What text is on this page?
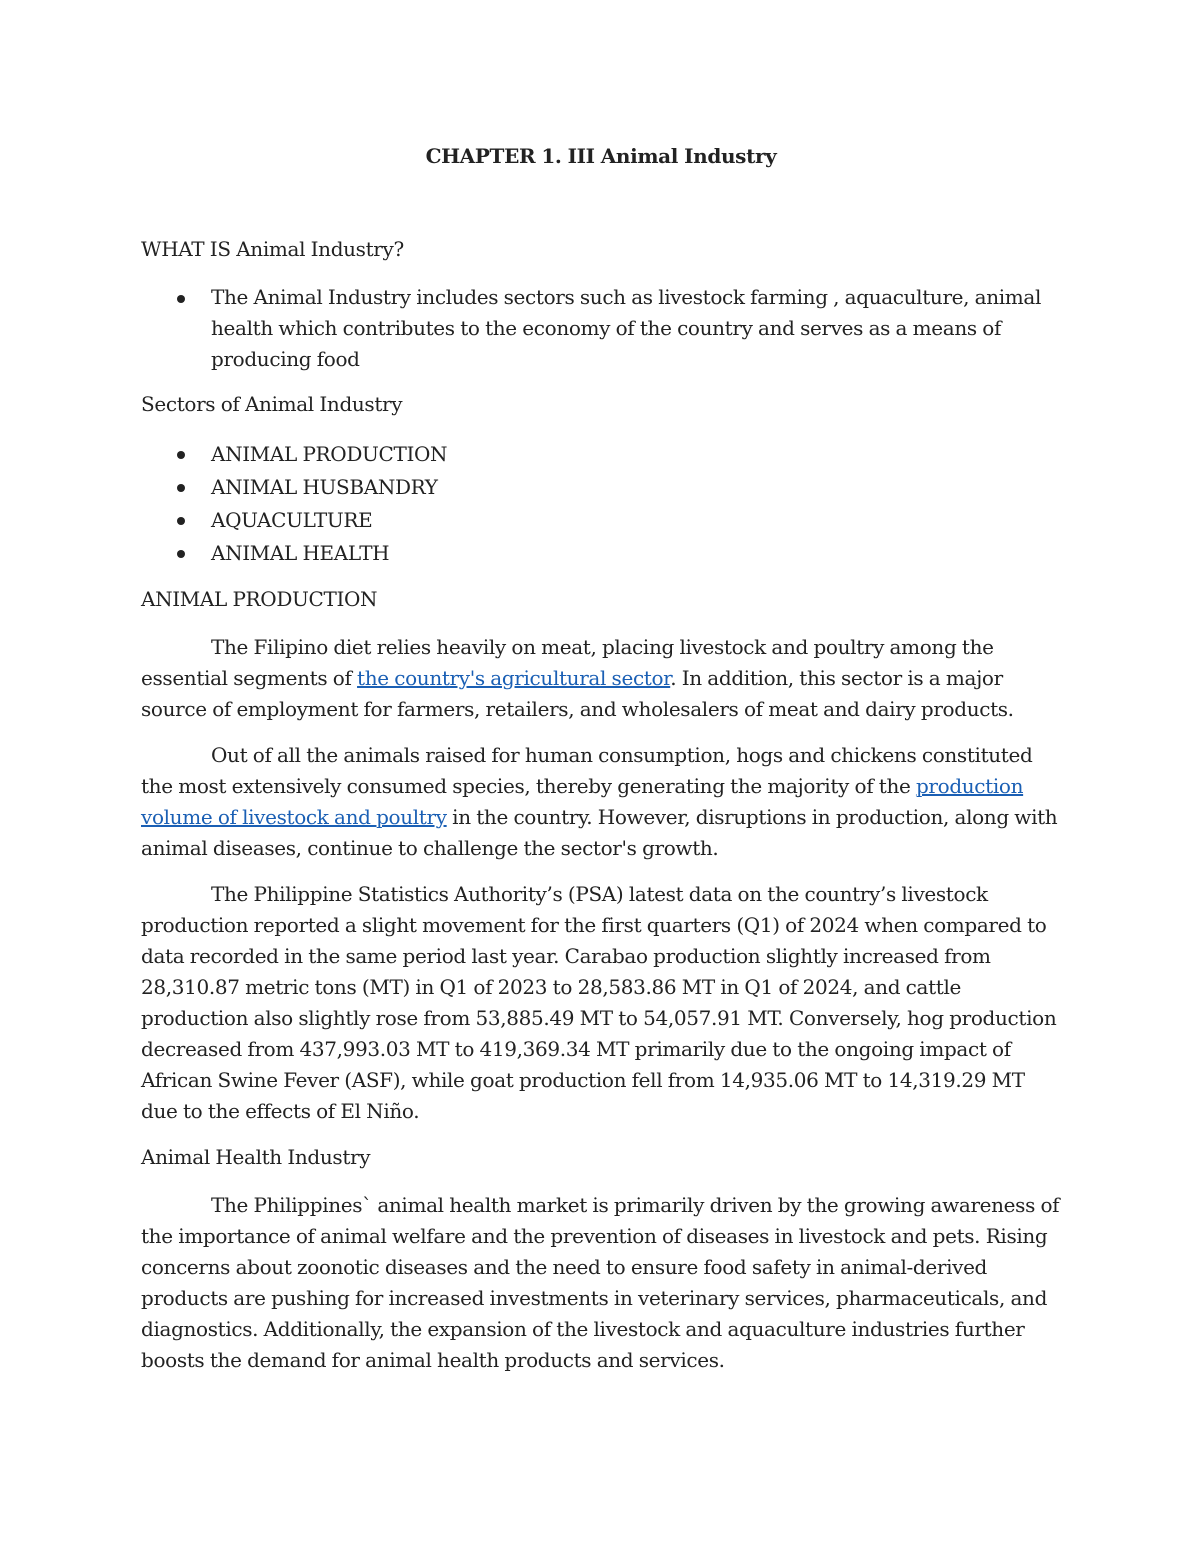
CHAPTER 1. III Animal Industry
WHAT IS Animal Industry?
The Animal Industry includes sectors such as livestock farming , aquaculture, animal health which contributes to the economy of the country and serves as a means of producing food
Sectors of Animal Industry
ANIMAL PRODUCTION
ANIMAL HUSBANDRY
AQUACULTURE
ANIMAL HEALTH
ANIMAL PRODUCTION

The Filipino diet relies heavily on meat, placing livestock and poultry among the essential segments of the country's agricultural sector. In addition, this sector is a major source of employment for farmers, retailers, and wholesalers of meat and dairy products.

Out of all the animals raised for human consumption, hogs and chickens constituted the most extensively consumed species, thereby generating the majority of the production volume of livestock and poultry in the country. However, disruptions in production, along with animal diseases, continue to challenge the sector's growth.

The Philippine Statistics Authority’s (PSA) latest data on the country’s livestock production reported a slight movement for the first quarters (Q1) of 2024 when compared to data recorded in the same period last year. Carabao production slightly increased from 28,310.87 metric tons (MT) in Q1 of 2023 to 28,583.86 MT in Q1 of 2024, and cattle production also slightly rose from 53,885.49 MT to 54,057.91 MT. Conversely, hog production decreased from 437,993.03 MT to 419,369.34 MT primarily due to the ongoing impact of African Swine Fever (ASF), while goat production fell from 14,935.06 MT to 14,319.29 MT due to the effects of El Niño.

Animal Health Industry

The Philippines` animal health market is primarily driven by the growing awareness of the importance of animal welfare and the prevention of diseases in livestock and pets. Rising concerns about zoonotic diseases and the need to ensure food safety in animal-derived products are pushing for increased investments in veterinary services, pharmaceuticals, and diagnostics. Additionally, the expansion of the livestock and aquaculture industries further boosts the demand for animal health products and services.
